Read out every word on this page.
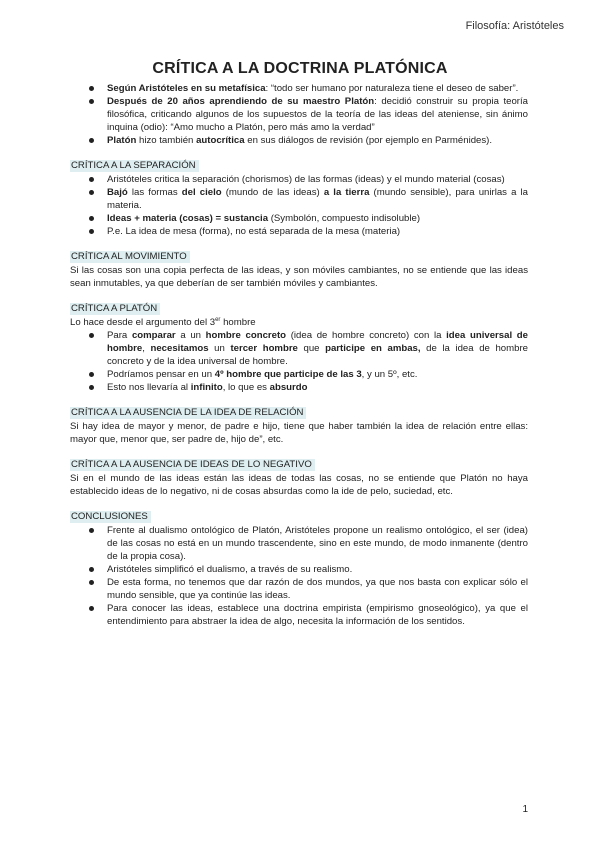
Filosofía: Aristóteles
CRÍTICA A LA DOCTRINA PLATÓNICA
Según Aristóteles en su metafísica: “todo ser humano por naturaleza tiene el deseo de saber”.
Después de 20 años aprendiendo de su maestro Platón: decidió construir su propia teoría filosófica, criticando algunos de los supuestos de la teoría de las ideas del ateniense, sin ánimo inquina (odio): “Amo mucho a Platón, pero más amo la verdad”
Platón hizo también autocrítica en sus diálogos de revisión (por ejemplo en Parménides).
CRÍTICA A LA SEPARACIÓN
Aristóteles critica la separación (chorismos) de las formas (ideas) y el mundo material (cosas)
Bajó las formas del cielo (mundo de las ideas) a la tierra (mundo sensible), para unirlas a la materia.
Ideas + materia (cosas) = sustancia (Symbolón, compuesto indisoluble)
P.e. La idea de mesa (forma), no está separada de la mesa (materia)
CRÍTICA AL MOVIMIENTO
Si las cosas son una copia perfecta de las ideas, y son móviles cambiantes, no se entiende que las ideas sean inmutables, ya que deberían de ser también móviles y cambiantes.
CRÍTICA A PLATÓN
Lo hace desde el argumento del 3er hombre
Para comparar a un hombre concreto (idea de hombre concreto) con la idea universal de hombre, necesitamos un tercer hombre que participe en ambas, de la idea de hombre concreto y de la idea universal de hombre.
Podríamos pensar en un 4º hombre que participe de las 3, y un 5º, etc.
Esto nos llevaría al infinito, lo que es absurdo
CRÍTICA A LA AUSENCIA DE LA IDEA DE RELACIÓN
Si hay idea de mayor y menor, de padre e hijo, tiene que haber también la idea de relación entre ellas: mayor que, menor que, ser padre de, hijo de”, etc.
CRÍTICA A LA AUSENCIA DE IDEAS DE LO NEGATIVO
Si en el mundo de las ideas están las ideas de todas las cosas, no se entiende que Platón no haya establecido ideas de lo negativo, ni de cosas absurdas como la ide de pelo, suciedad, etc.
CONCLUSIONES
Frente al dualismo ontológico de Platón, Aristóteles propone un realismo ontológico, el ser (idea) de las cosas no está en un mundo trascendente, sino en este mundo, de modo inmanente (dentro de la propia cosa).
Aristóteles simplificó el dualismo, a través de su realismo.
De esta forma, no tenemos que dar razón de dos mundos, ya que nos basta con explicar sólo el mundo sensible, que ya continúe las ideas.
Para conocer las ideas, establece una doctrina empirista (empirismo gnoseológico), ya que el entendimiento para abstraer la idea de algo, necesita la información de los sentidos.
1
